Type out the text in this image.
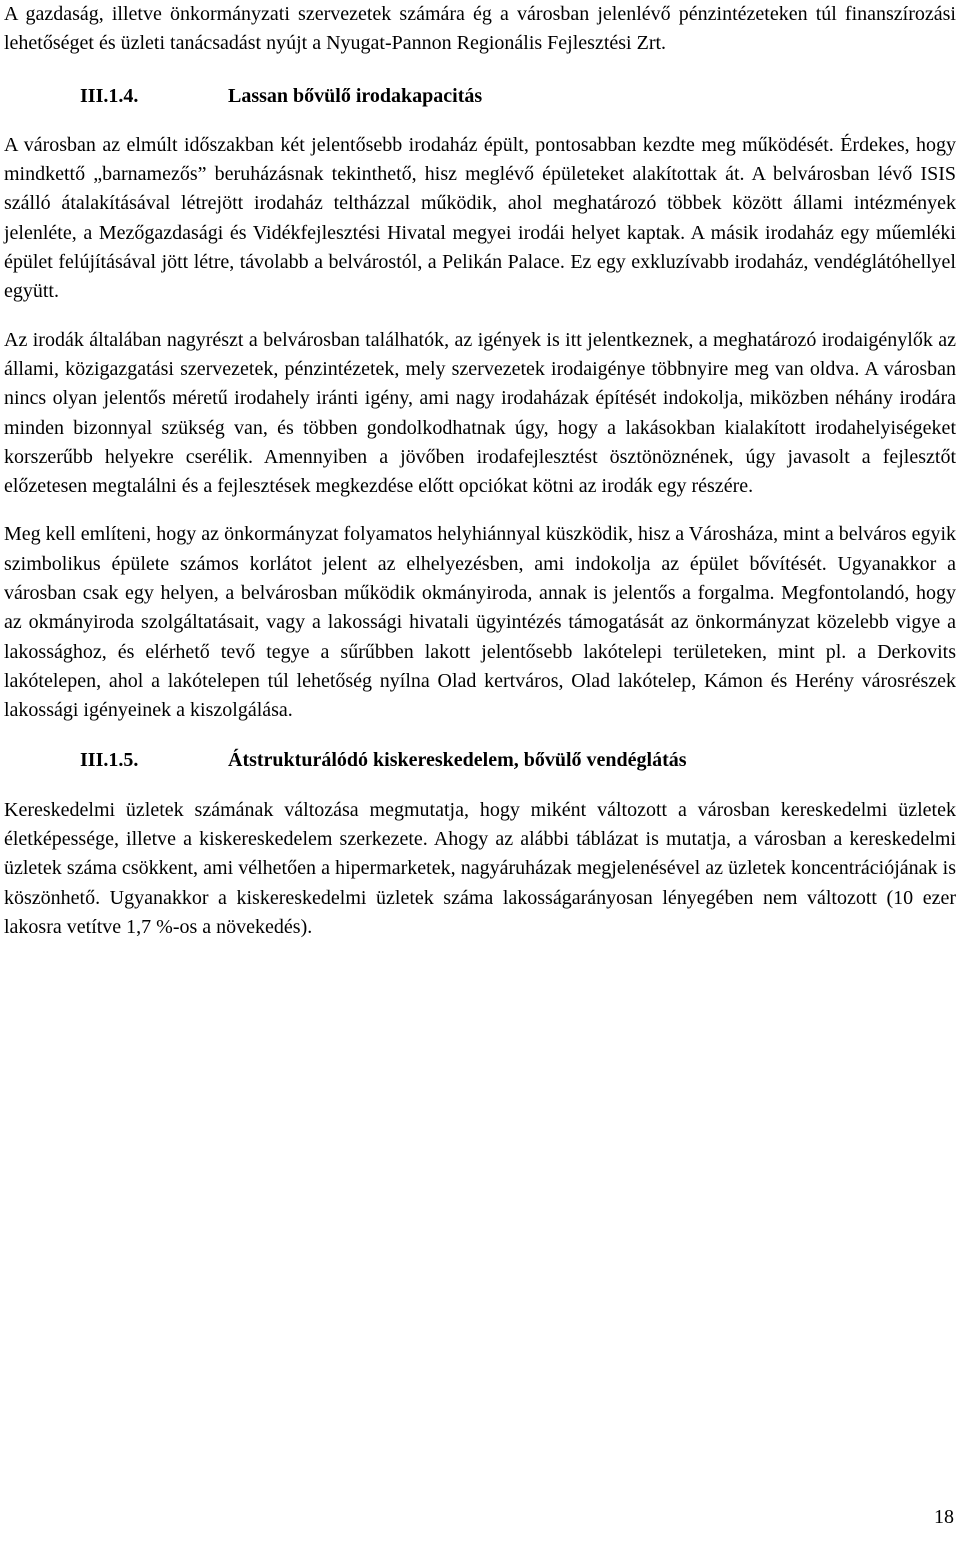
A gazdaság, illetve önkormányzati szervezetek számára ég a városban jelenlévő pénzintézeteken túl finanszírozási lehetőséget és üzleti tanácsadást nyújt a Nyugat-Pannon Regionális Fejlesztési Zrt.

III.1.4.	Lassan bővülő irodakapacitás

A városban az elmúlt időszakban két jelentősebb irodaház épült, pontosabban kezdte meg működését. Érdekes, hogy mindkettő „barnamezős” beruházásnak tekinthető, hisz meglévő épületeket alakítottak át. A belvárosban lévő ISIS szálló átalakításával létrejött irodaház teltházzal működik, ahol meghatározó többek között állami intézmények jelenléte, a Mezőgazdasági és Vidékfejlesztési Hivatal megyei irodái helyet kaptak. A másik irodaház egy műemléki épület felújításával jött létre, távolabb a belvárostól, a Pelikán Palace. Ez egy exkluzívabb irodaház, vendéglátóhellyel együtt.

Az irodák általában nagyrészt a belvárosban találhatók, az igények is itt jelentkeznek, a meghatározó irodaigénylők az állami, közigazgatási szervezetek, pénzintézetek, mely szervezetek irodaigénye többnyire meg van oldva. A városban nincs olyan jelentős méretű irodahely iránti igény, ami nagy irodaházak építését indokolja, miközben néhány irodára minden bizonnyal szükség van, és többen gondolkodhatnak úgy, hogy a lakásokban kialakított irodahelyiségeket korszerűbb helyekre cserélik. Amennyiben a jövőben irodafejlesztést ösztönöznének, úgy javasolt a fejlesztőt előzetesen megtalálni és a fejlesztések megkezdése előtt opciókat kötni az irodák egy részére.

Meg kell említeni, hogy az önkormányzat folyamatos helyhiánnyal küszködik, hisz a Városháza, mint a belváros egyik szimbolikus épülete számos korlátot jelent az elhelyezésben, ami indokolja az épület bővítését. Ugyanakkor a városban csak egy helyen, a belvárosban működik okmányiroda, annak is jelentős a forgalma. Megfontolandó, hogy az okmányiroda szolgáltatásait, vagy a lakossági hivatali ügyintézés támogatását az önkormányzat közelebb vigye a lakossághoz, és elérhető tevő tegye a sűrűbben lakott jelentősebb lakótelepi területeken, mint pl. a Derkovits lakótelepen, ahol a lakótelepen túl lehetőség nyílna Olad kertváros, Olad lakótelep, Kámon és Herény városrészek lakossági igényeinek a kiszolgálása.

III.1.5.	Átstrukturálódó kiskereskedelem, bővülő vendéglátás

Kereskedelmi üzletek számának változása megmutatja, hogy miként változott a városban kereskedelmi üzletek életképessége, illetve a kiskereskedelem szerkezete. Ahogy az alábbi táblázat is mutatja, a városban a kereskedelmi üzletek száma csökkent, ami vélhetően a hipermarketek, nagyáruházak megjelenésével az üzletek koncentrációjának is köszönhető. Ugyanakkor a kiskereskedelmi üzletek száma lakosságarányosan lényegében nem változott (10 ezer lakosra vetítve 1,7 %-os a növekedés).

18
